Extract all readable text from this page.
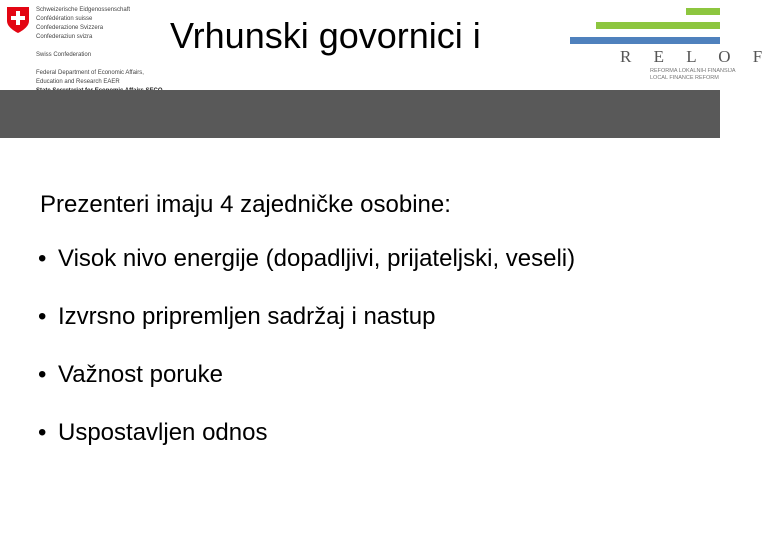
Schweizerische Eidgenossenschaft
Confédération suisse
Confederazione Svizzera
Confederaziun svizra

Swiss Confederation

Federal Department of Economic Affairs,
Education and Research EAER
Vrhunski govornici i
R E L O F
REFORMA LOKALNIH FINANSIJA
LOCAL FINANCE REFORM
Prezenteri imaju 4 zajedničke osobine:
• Visok nivo energije (dopadljivi, prijateljski, veseli)
• Izvrsno pripremljen sadržaj i nastup
• Važnost poruke
• Uspostavljen odnos
